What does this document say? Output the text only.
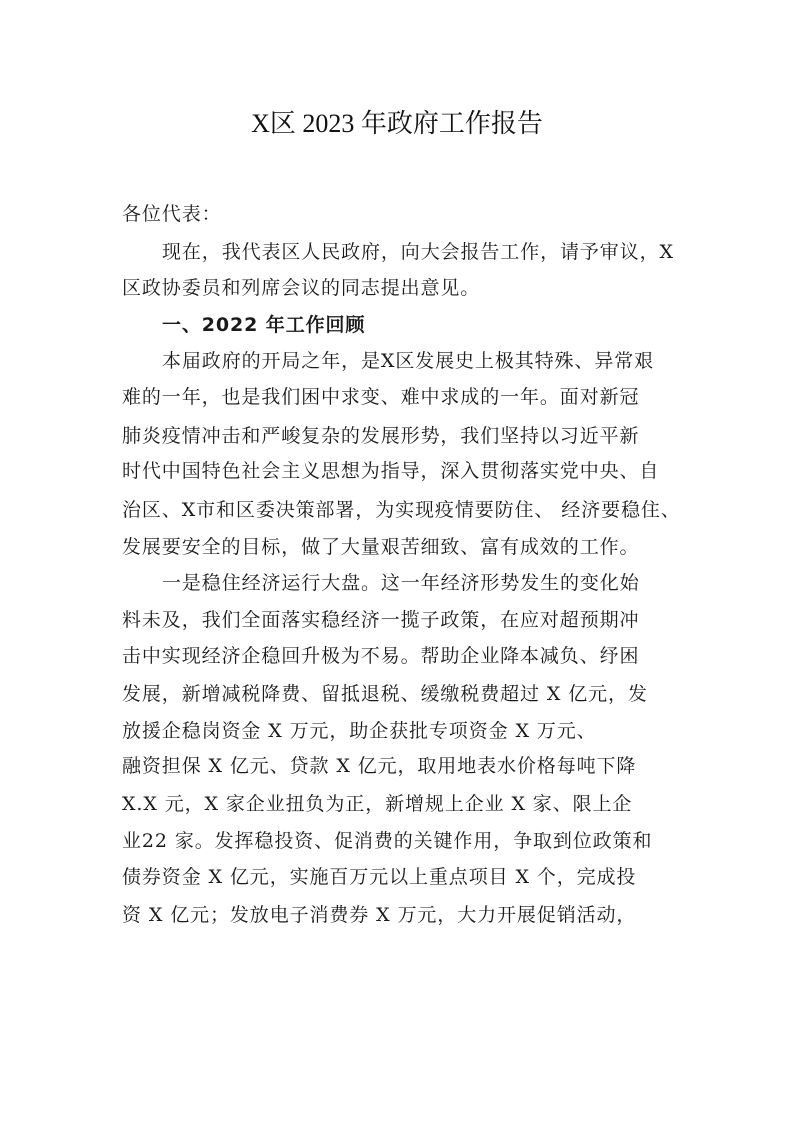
X区 2023 年政府工作报告

各位代表：

现在，我代表区人民政府，向大会报告工作，请予审议，X

区政协委员和列席会议的同志提出意见。

一、2022 年工作回顾

本届政府的开局之年，是X区发展史上极其特殊、异常艰

难的一年，也是我们困中求变、难中求成的一年。面对新冠

肺炎疫情冲击和严峻复杂的发展形势，我们坚持以习近平新

时代中国特色社会主义思想为指导，深入贯彻落实党中央、自

治区、X市和区委决策部署，为实现疫情要防住、 经济要稳住、

发展要安全的目标，做了大量艰苦细致、富有成效的工作。

一是稳住经济运行大盘。这一年经济形势发生的变化始

料未及，我们全面落实稳经济一揽子政策，在应对超预期冲

击中实现经济企稳回升极为不易。帮助企业降本减负、纾困

发展，新增减税降费、留抵退税、缓缴税费超过 X 亿元，发

放援企稳岗资金 X 万元，助企获批专项资金 X 万元、

融资担保 X 亿元、贷款 X 亿元，取用地表水价格每吨下降

X.X 元，X 家企业扭负为正，新增规上企业 X 家、限上企

业22 家。发挥稳投资、促消费的关键作用，争取到位政策和

债券资金 X 亿元，实施百万元以上重点项目 X 个，完成投

资 X 亿元；发放电子消费券 X 万元，大力开展促销活动，
